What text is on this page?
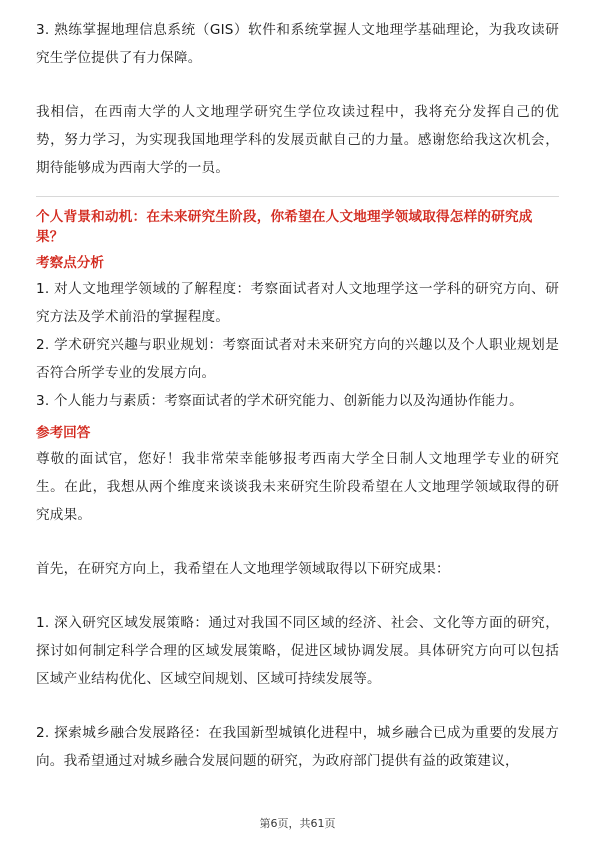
3. 熟练掌握地理信息系统（GIS）软件和系统掌握人文地理学基础理论，为我攻读研究生学位提供了有力保障。

我相信，在西南大学的人文地理学研究生学位攻读过程中，我将充分发挥自己的优势，努力学习，为实现我国地理学科的发展贡献自己的力量。感谢您给我这次机会，期待能够成为西南大学的一员。

个人背景和动机：在未来研究生阶段，你希望在人文地理学领域取得怎样的研究成果？

考察点分析

1. 对人文地理学领域的了解程度：考察面试者对人文地理学这一学科的研究方向、研究方法及学术前沿的掌握程度。

2. 学术研究兴趣与职业规划：考察面试者对未来研究方向的兴趣以及个人职业规划是否符合所学专业的发展方向。

3. 个人能力与素质：考察面试者的学术研究能力、创新能力以及沟通协作能力。

参考回答

尊敬的面试官，您好！我非常荣幸能够报考西南大学全日制人文地理学专业的研究生。在此，我想从两个维度来谈谈我未来研究生阶段希望在人文地理学领域取得的研究成果。

首先，在研究方向上，我希望在人文地理学领域取得以下研究成果：

1. 深入研究区域发展策略：通过对我国不同区域的经济、社会、文化等方面的研究，探讨如何制定科学合理的区域发展策略，促进区域协调发展。具体研究方向可以包括区域产业结构优化、区域空间规划、区域可持续发展等。

2. 探索城乡融合发展路径：在我国新型城镇化进程中，城乡融合已成为重要的发展方向。我希望通过对城乡融合发展问题的研究，为政府部门提供有益的政策建议，

第6页，共61页
